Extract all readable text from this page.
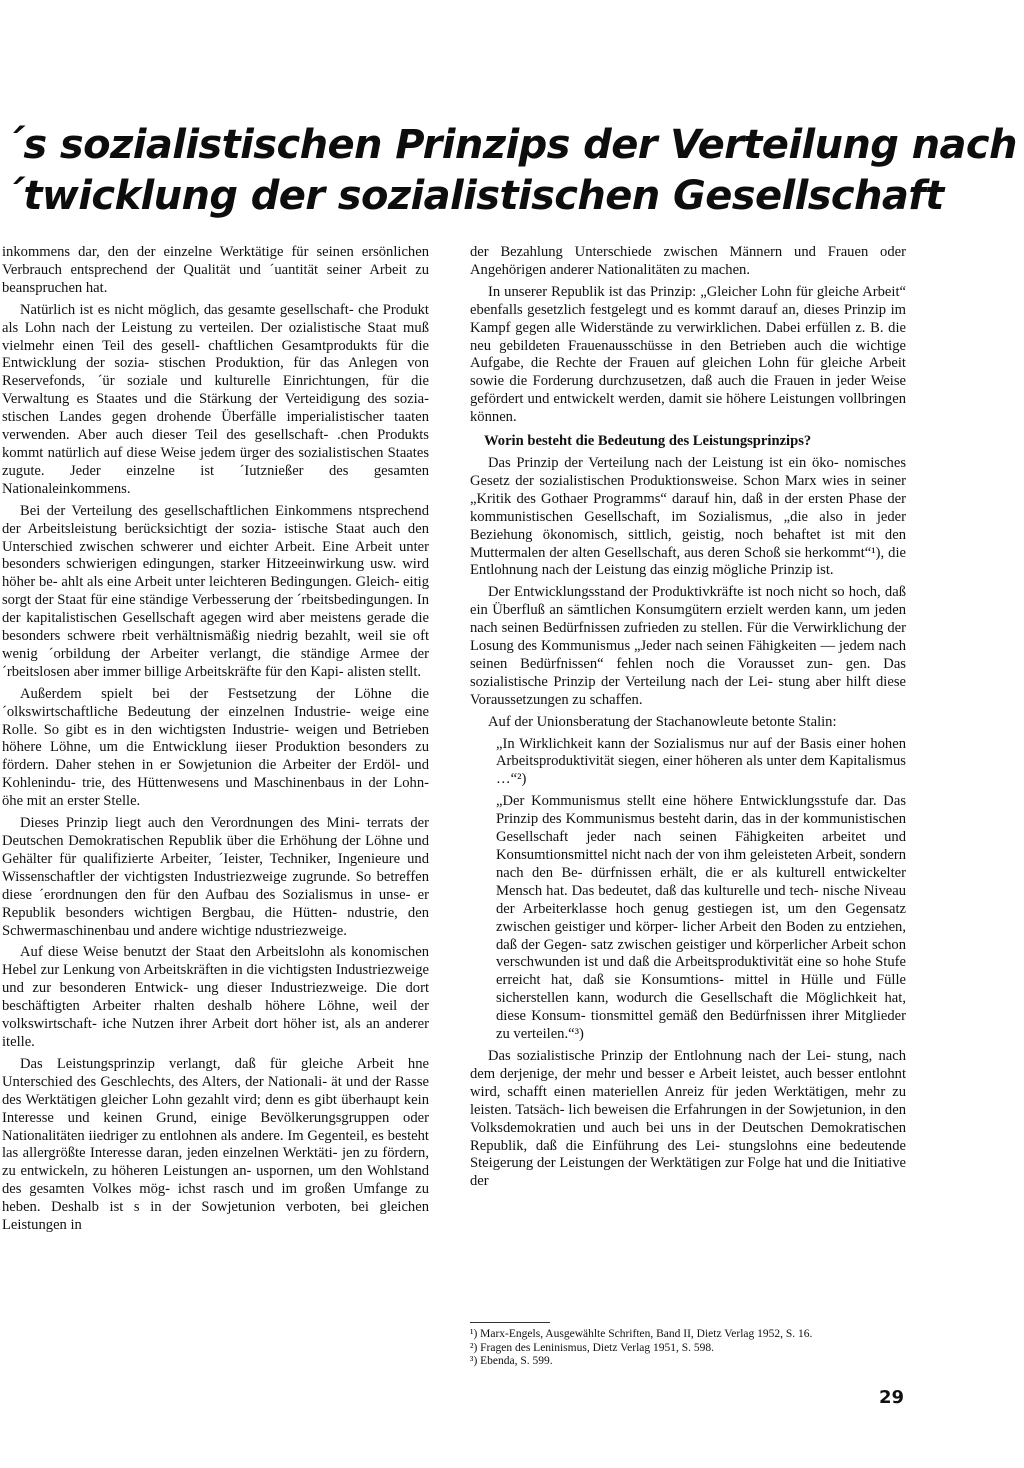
´s sozialistischen Prinzips der Verteilung nach
´twicklung der sozialistischen Gesellschaft

inkommens dar, den der einzelne Werktätige für seinen ersönlichen Verbrauch entsprechend der Qualität und ´uantität seiner Arbeit zu beanspruchen hat.

Natürlich ist es nicht möglich, das gesamte gesellschaft- che Produkt als Lohn nach der Leistung zu verteilen. Der ozialistische Staat muß vielmehr einen Teil des gesell- chaftlichen Gesamtprodukts für die Entwicklung der sozia- stischen Produktion, für das Anlegen von Reservefonds, ´ür soziale und kulturelle Einrichtungen, für die Verwaltung es Staates und die Stärkung der Verteidigung des sozia- stischen Landes gegen drohende Überfälle imperialistischer taaten verwenden. Aber auch dieser Teil des gesellschaft- .chen Produkts kommt natürlich auf diese Weise jedem ürger des sozialistischen Staates zugute. Jeder einzelne ist ´Iutznießer des gesamten Nationaleinkommens.

Bei der Verteilung des gesellschaftlichen Einkommens ntsprechend der Arbeitsleistung berücksichtigt der sozia- istische Staat auch den Unterschied zwischen schwerer und eichter Arbeit. Eine Arbeit unter besonders schwierigen edingungen, starker Hitzeeinwirkung usw. wird höher be- ahlt als eine Arbeit unter leichteren Bedingungen. Gleich- eitig sorgt der Staat für eine ständige Verbesserung der ´rbeitsbedingungen. In der kapitalistischen Gesellschaft agegen wird aber meistens gerade die besonders schwere rbeit verhältnismäßig niedrig bezahlt, weil sie oft wenig ´orbildung der Arbeiter verlangt, die ständige Armee der ´rbeitslosen aber immer billige Arbeitskräfte für den Kapi- alisten stellt.

Außerdem spielt bei der Festsetzung der Löhne die ´olkswirtschaftliche Bedeutung der einzelnen Industrie- weige eine Rolle. So gibt es in den wichtigsten Industrie- weigen und Betrieben höhere Löhne, um die Entwicklung iieser Produktion besonders zu fördern. Daher stehen in er Sowjetunion die Arbeiter der Erdöl- und Kohlenindu- trie, des Hüttenwesens und Maschinenbaus in der Lohn- öhe mit an erster Stelle.

Dieses Prinzip liegt auch den Verordnungen des Mini- terrats der Deutschen Demokratischen Republik über die Erhöhung der Löhne und Gehälter für qualifizierte Arbeiter, ´Ieister, Techniker, Ingenieure und Wissenschaftler der vichtigsten Industriezweige zugrunde. So betreffen diese ´erordnungen den für den Aufbau des Sozialismus in unse- er Republik besonders wichtigen Bergbau, die Hütten- ndustrie, den Schwermaschinenbau und andere wichtige ndustriezweige.

Auf diese Weise benutzt der Staat den Arbeitslohn als konomischen Hebel zur Lenkung von Arbeitskräften in die vichtigsten Industriezweige und zur besonderen Entwick- ung dieser Industriezweige. Die dort beschäftigten Arbeiter rhalten deshalb höhere Löhne, weil der volkswirtschaft- iche Nutzen ihrer Arbeit dort höher ist, als an anderer itelle.

Das Leistungsprinzip verlangt, daß für gleiche Arbeit hne Unterschied des Geschlechts, des Alters, der Nationali- ät und der Rasse des Werktätigen gleicher Lohn gezahlt vird; denn es gibt überhaupt kein Interesse und keinen Grund, einige Bevölkerungsgruppen oder Nationalitäten iiedriger zu entlohnen als andere. Im Gegenteil, es besteht las allergrößte Interesse daran, jeden einzelnen Werktäti- jen zu fördern, zu entwickeln, zu höheren Leistungen an- uspornen, um den Wohlstand des gesamten Volkes mög- ichst rasch und im großen Umfange zu heben. Deshalb ist s in der Sowjetunion verboten, bei gleichen Leistungen in

der Bezahlung Unterschiede zwischen Männern und Frauen oder Angehörigen anderer Nationalitäten zu machen.

In unserer Republik ist das Prinzip: „Gleicher Lohn für gleiche Arbeit“ ebenfalls gesetzlich festgelegt und es kommt darauf an, dieses Prinzip im Kampf gegen alle Widerstände zu verwirklichen. Dabei erfüllen z. B. die neu gebildeten Frauenausschüsse in den Betrieben auch die wichtige Aufgabe, die Rechte der Frauen auf gleichen Lohn für gleiche Arbeit sowie die Forderung durchzusetzen, daß auch die Frauen in jeder Weise gefördert und entwickelt werden, damit sie höhere Leistungen vollbringen können.

Worin besteht die Bedeutung des Leistungsprinzips?

Das Prinzip der Verteilung nach der Leistung ist ein öko- nomisches Gesetz der sozialistischen Produktionsweise. Schon Marx wies in seiner „Kritik des Gothaer Programms“ darauf hin, daß in der ersten Phase der kommunistischen Gesellschaft, im Sozialismus, „die also in jeder Beziehung ökonomisch, sittlich, geistig, noch behaftet ist mit den Muttermalen der alten Gesellschaft, aus deren Schoß sie herkommt“¹), die Entlohnung nach der Leistung das einzig mögliche Prinzip ist.

Der Entwicklungsstand der Produktivkräfte ist noch nicht so hoch, daß ein Überfluß an sämtlichen Konsumgütern erzielt werden kann, um jeden nach seinen Bedürfnissen zufrieden zu stellen. Für die Verwirklichung der Losung des Kommunismus „Jeder nach seinen Fähigkeiten — jedem nach seinen Bedürfnissen“ fehlen noch die Vorausset zun- gen. Das sozialistische Prinzip der Verteilung nach der Lei- stung aber hilft diese Voraussetzungen zu schaffen.

Auf der Unionsberatung der Stachanowleute betonte Stalin:

„In Wirklichkeit kann der Sozialismus nur auf der Basis einer hohen Arbeitsproduktivität siegen, einer höheren als unter dem Kapitalismus …“²)

„Der Kommunismus stellt eine höhere Entwicklungsstufe dar. Das Prinzip des Kommunismus besteht darin, das in der kommunistischen Gesellschaft jeder nach seinen Fähigkeiten arbeitet und Konsumtionsmittel nicht nach der von ihm geleisteten Arbeit, sondern nach den Be- dürfnissen erhält, die er als kulturell entwickelter Mensch hat. Das bedeutet, daß das kulturelle und tech- nische Niveau der Arbeiterklasse hoch genug gestiegen ist, um den Gegensatz zwischen geistiger und körper- licher Arbeit den Boden zu entziehen, daß der Gegen- satz zwischen geistiger und körperlicher Arbeit schon verschwunden ist und daß die Arbeitsproduktivität eine so hohe Stufe erreicht hat, daß sie Konsumtions- mittel in Hülle und Fülle sicherstellen kann, wodurch die Gesellschaft die Möglichkeit hat, diese Konsum- tionsmittel gemäß den Bedürfnissen ihrer Mitglieder zu verteilen.“³)

Das sozialistische Prinzip der Entlohnung nach der Lei- stung, nach dem derjenige, der mehr und besser e Arbeit leistet, auch besser entlohnt wird, schafft einen materiellen Anreiz für jeden Werktätigen, mehr zu leisten. Tatsäch- lich beweisen die Erfahrungen in der Sowjetunion, in den Volksdemokratien und auch bei uns in der Deutschen Demokratischen Republik, daß die Einführung des Lei- stungslohns eine bedeutende Steigerung der Leistungen der Werktätigen zur Folge hat und die Initiative der

¹) Marx-Engels, Ausgewählte Schriften, Band II, Dietz Verlag 1952, S. 16.
²) Fragen des Leninismus, Dietz Verlag 1951, S. 598.
³) Ebenda, S. 599.
29
